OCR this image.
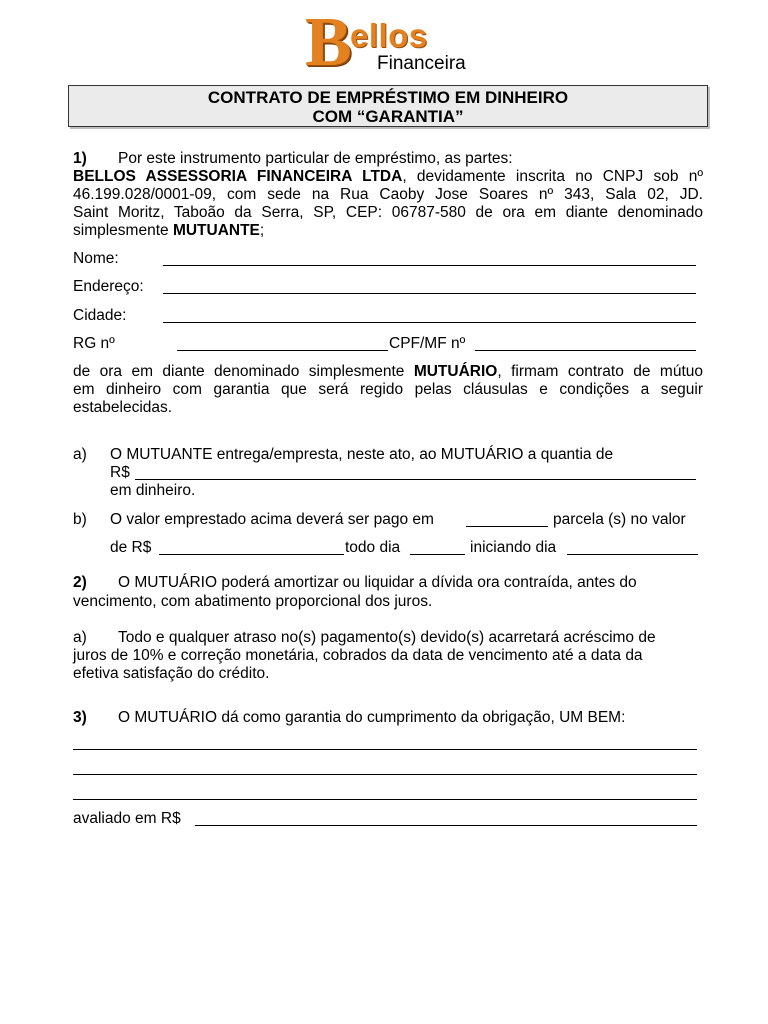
B
ellos
Financeira
CONTRATO DE EMPRÉSTIMO EM DINHEIRO
COM “GARANTIA”
1) Por este instrumento particular de empréstimo, as partes:
BELLOS ASSESSORIA FINANCEIRA LTDA, devidamente inscrita no CNPJ sob nº
46.199.028/0001-09, com sede na Rua Caoby Jose Soares nº 343, Sala 02, JD.
Saint Moritz, Taboão da Serra, SP, CEP: 06787-580 de ora em diante denominado
simplesmente MUTUANTE;
Nome:
Endereço:
Cidade:
RG nº	CPF/MF nº
de ora em diante denominado simplesmente MUTUÁRIO, firmam contrato de mútuo
em dinheiro com garantia que será regido pelas cláusulas e condições a seguir
estabelecidas.
a) O MUTUANTE entrega/empresta, neste ato, ao MUTUÁRIO a quantia de
R$
em dinheiro.
b) O valor emprestado acima deverá ser pago em	parcela (s) no valor
de R$	todo dia	iniciando dia
2) O MUTUÁRIO poderá amortizar ou liquidar a dívida ora contraída, antes do
vencimento, com abatimento proporcional dos juros.
a) Todo e qualquer atraso no(s) pagamento(s) devido(s) acarretará acréscimo de
juros de 10% e correção monetária, cobrados da data de vencimento até a data da
efetiva satisfação do crédito.
3) O MUTUÁRIO dá como garantia do cumprimento da obrigação, UM BEM:
avaliado em R$
